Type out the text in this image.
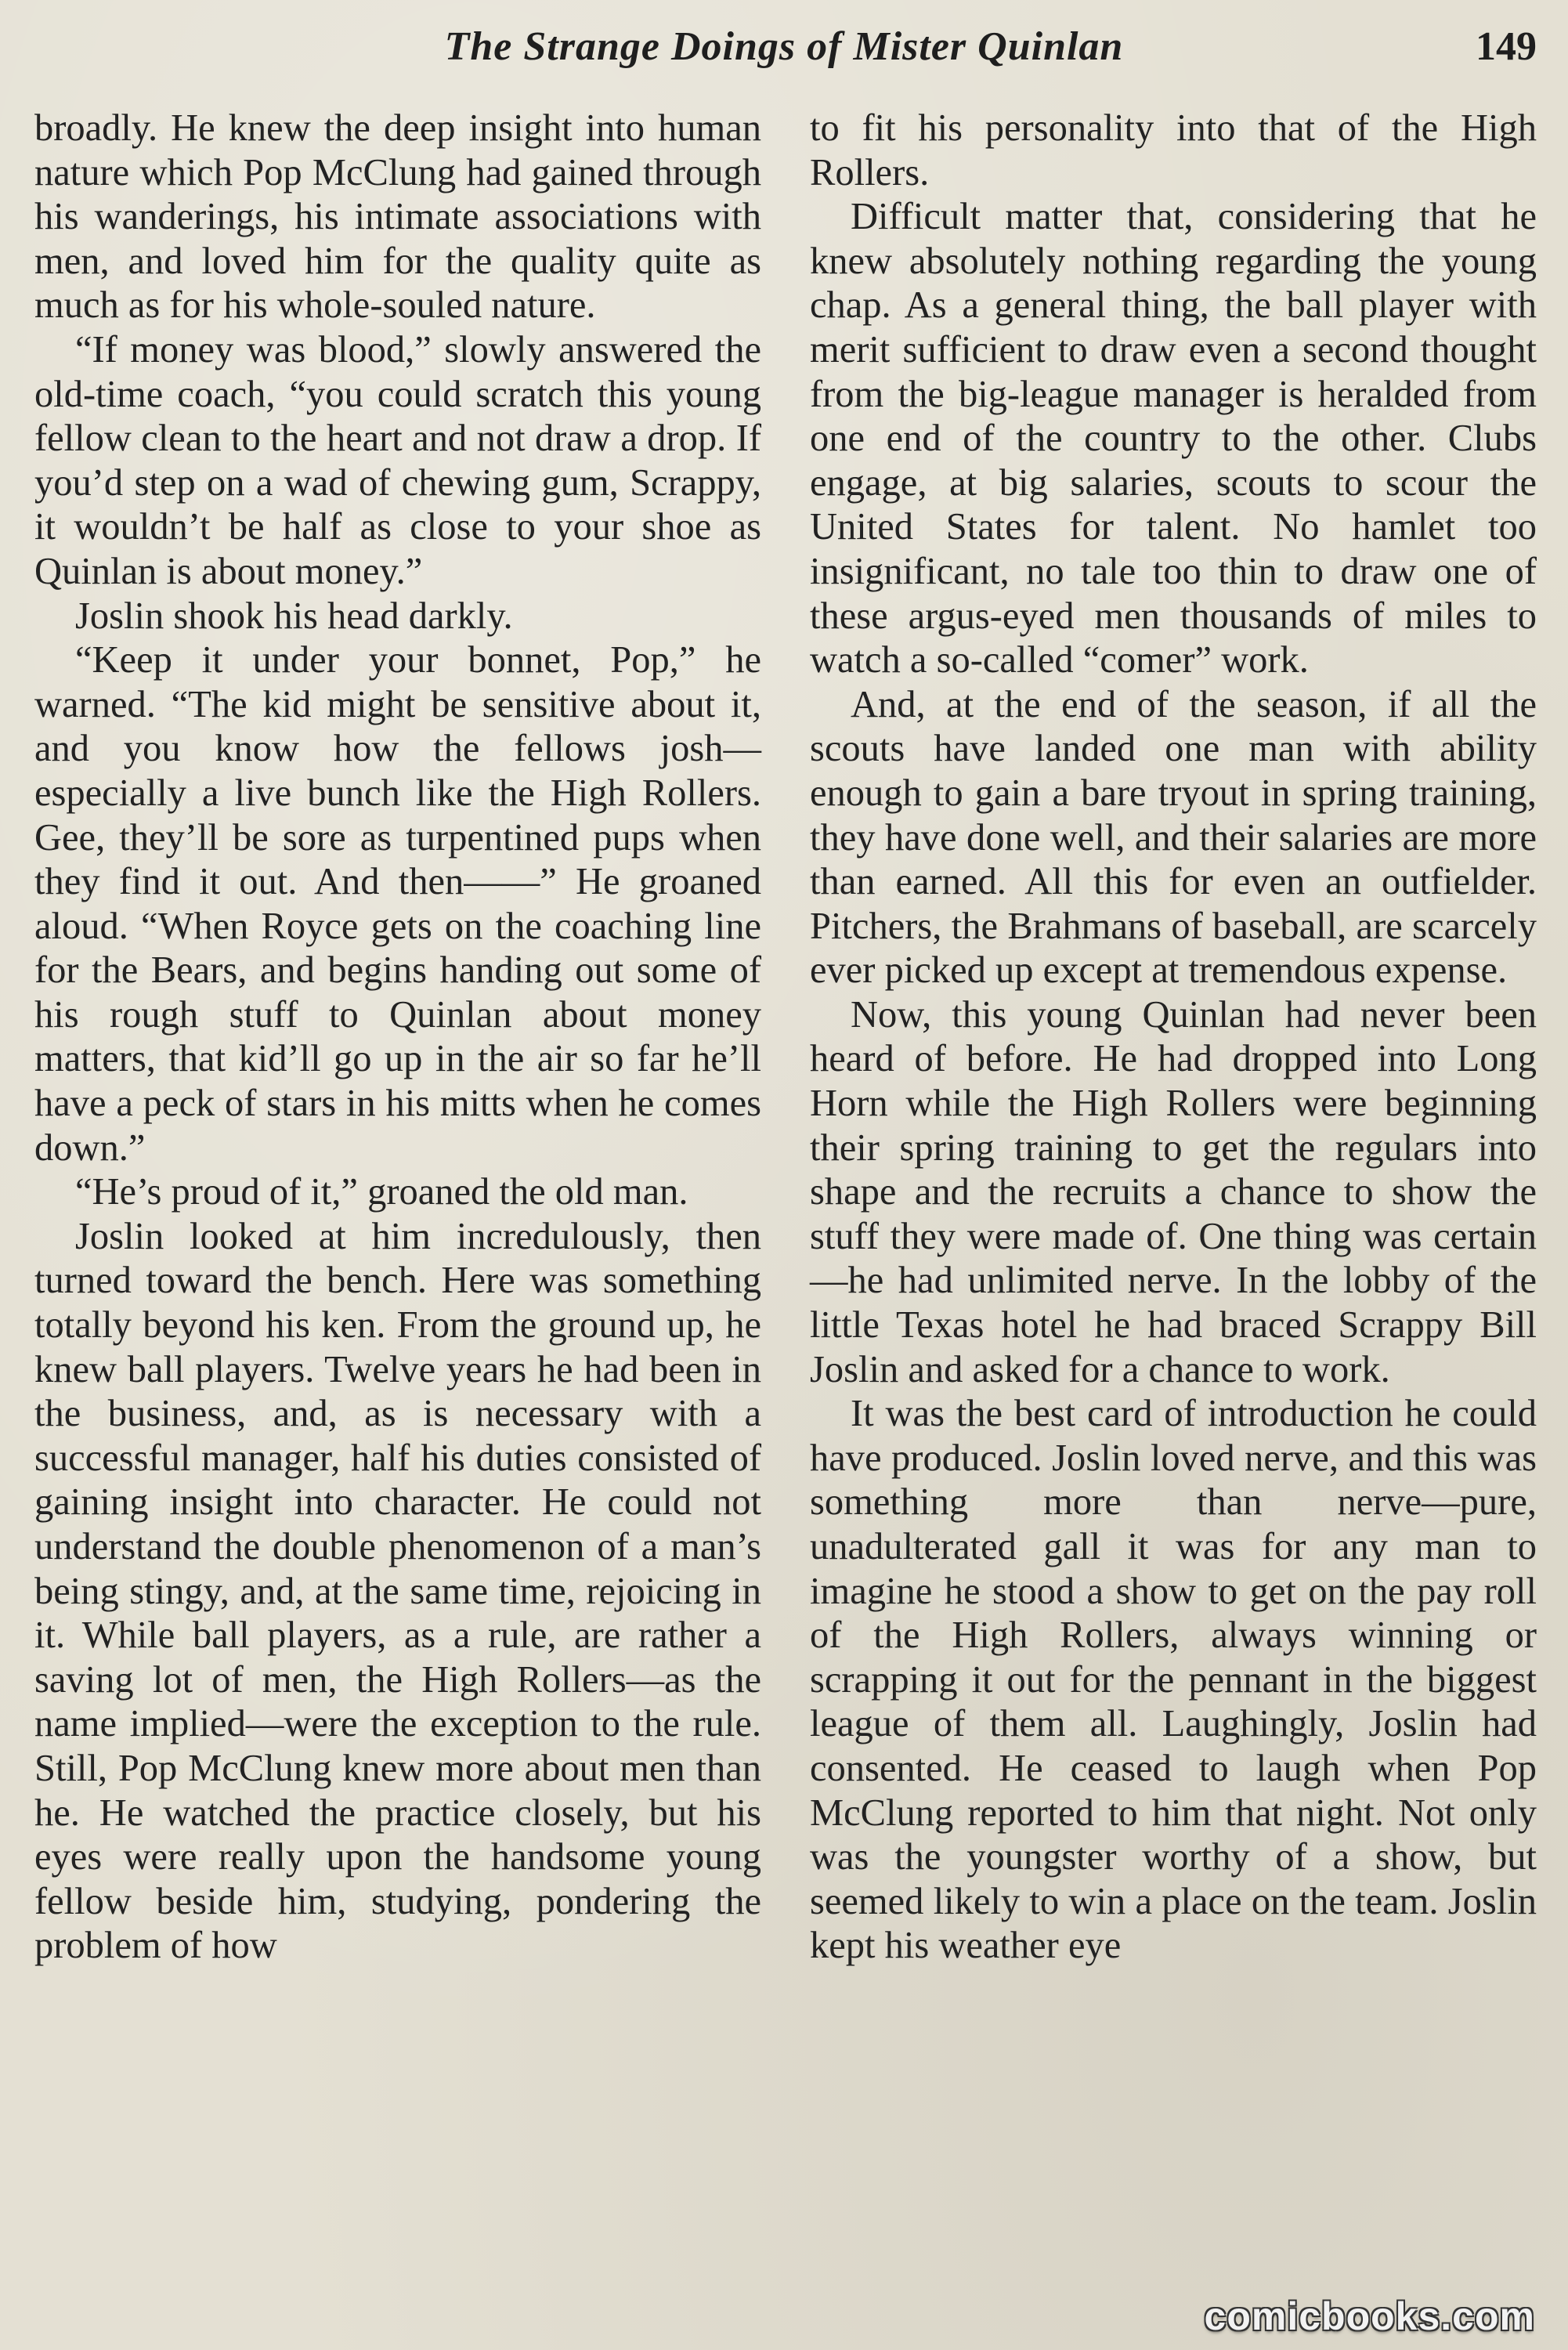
The Strange Doings of Mister Quinlan	149

broadly. He knew the deep insight into human nature which Pop McClung had gained through his wanderings, his intimate associations with men, and loved him for the quality quite as much as for his whole-souled nature.

“If money was blood,” slowly answered the old-time coach, “you could scratch this young fellow clean to the heart and not draw a drop. If you’d step on a wad of chewing gum, Scrappy, it wouldn’t be half as close to your shoe as Quinlan is about money.”

Joslin shook his head darkly.

“Keep it under your bonnet, Pop,” he warned. “The kid might be sensitive about it, and you know how the fellows josh—especially a live bunch like the High Rollers. Gee, they’ll be sore as turpentined pups when they find it out. And then——” He groaned aloud. “When Royce gets on the coaching line for the Bears, and begins handing out some of his rough stuff to Quinlan about money matters, that kid’ll go up in the air so far he’ll have a peck of stars in his mitts when he comes down.”

“He’s proud of it,” groaned the old man.

Joslin looked at him incredulously, then turned toward the bench. Here was something totally beyond his ken. From the ground up, he knew ball players. Twelve years he had been in the business, and, as is necessary with a successful manager, half his duties consisted of gaining insight into character. He could not understand the double phenomenon of a man’s being stingy, and, at the same time, rejoicing in it. While ball players, as a rule, are rather a saving lot of men, the High Rollers—as the name implied—were the exception to the rule. Still, Pop McClung knew more about men than he. He watched the practice closely, but his eyes were really upon the handsome young fellow beside him, studying, pondering the problem of how

to fit his personality into that of the High Rollers.

Difficult matter that, considering that he knew absolutely nothing regarding the young chap. As a general thing, the ball player with merit sufficient to draw even a second thought from the big-league manager is heralded from one end of the country to the other. Clubs engage, at big salaries, scouts to scour the United States for talent. No hamlet too insignificant, no tale too thin to draw one of these argus-eyed men thousands of miles to watch a so-called “comer” work.

And, at the end of the season, if all the scouts have landed one man with ability enough to gain a bare tryout in spring training, they have done well, and their salaries are more than earned. All this for even an outfielder. Pitchers, the Brahmans of baseball, are scarcely ever picked up except at tremendous expense.

Now, this young Quinlan had never been heard of before. He had dropped into Long Horn while the High Rollers were beginning their spring training to get the regulars into shape and the recruits a chance to show the stuff they were made of. One thing was certain —he had unlimited nerve. In the lobby of the little Texas hotel he had braced Scrappy Bill Joslin and asked for a chance to work.

It was the best card of introduction he could have produced. Joslin loved nerve, and this was something more than nerve—pure, unadulterated gall it was for any man to imagine he stood a show to get on the pay roll of the High Rollers, always winning or scrapping it out for the pennant in the biggest league of them all. Laughingly, Joslin had consented. He ceased to laugh when Pop McClung reported to him that night. Not only was the youngster worthy of a show, but seemed likely to win a place on the team. Joslin kept his weather eye

comicbooks.com
